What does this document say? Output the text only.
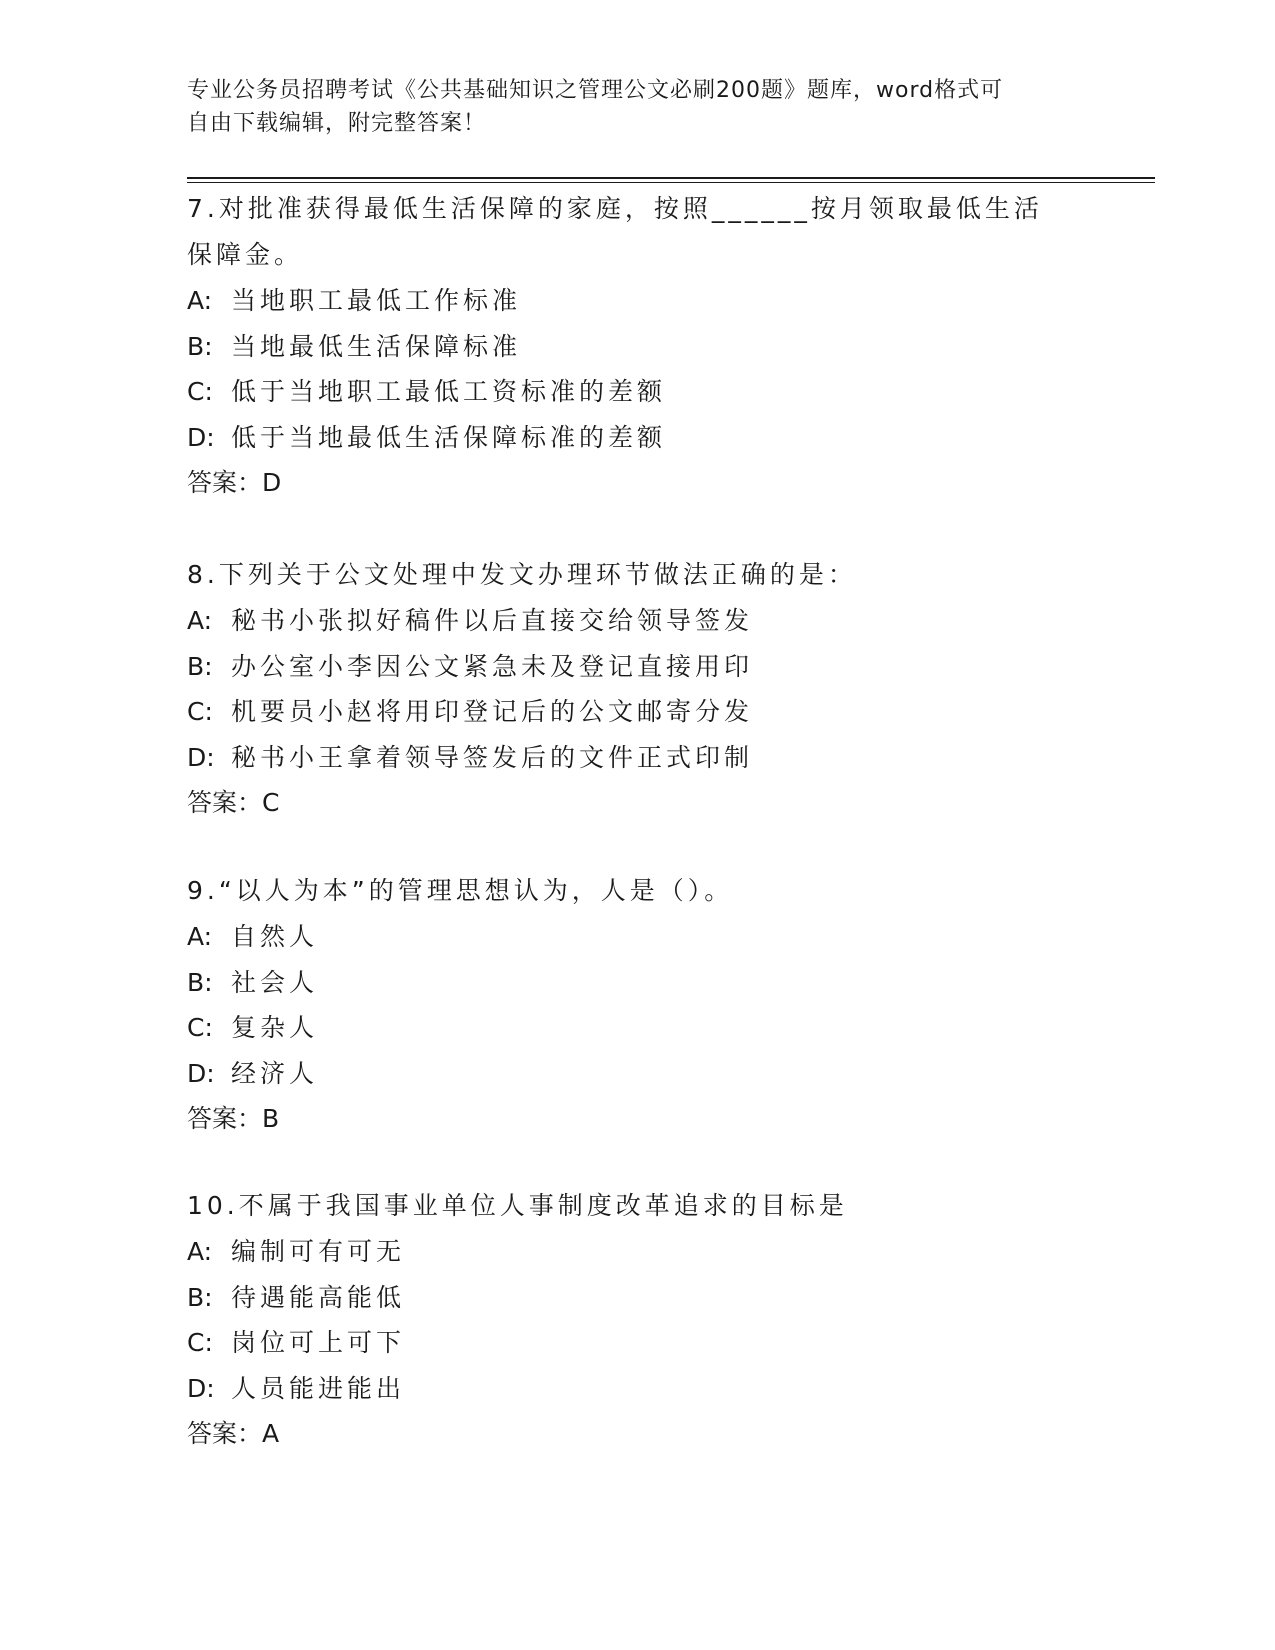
专业公务员招聘考试《公共基础知识之管理公文必刷200题》题库，word格式可
自由下载编辑，附完整答案！
7.对批准获得最低生活保障的家庭，按照______按月领取最低生活保障金。
A: 当地职工最低工作标准
B: 当地最低生活保障标准
C: 低于当地职工最低工资标准的差额
D: 低于当地最低生活保障标准的差额
答案：D
8.下列关于公文处理中发文办理环节做法正确的是：
A: 秘书小张拟好稿件以后直接交给领导签发
B: 办公室小李因公文紧急未及登记直接用印
C: 机要员小赵将用印登记后的公文邮寄分发
D: 秘书小王拿着领导签发后的文件正式印制
答案：C
9.“以人为本”的管理思想认为，人是（）。
A: 自然人
B: 社会人
C: 复杂人
D: 经济人
答案：B
10.不属于我国事业单位人事制度改革追求的目标是
A: 编制可有可无
B: 待遇能高能低
C: 岗位可上可下
D: 人员能进能出
答案：A
